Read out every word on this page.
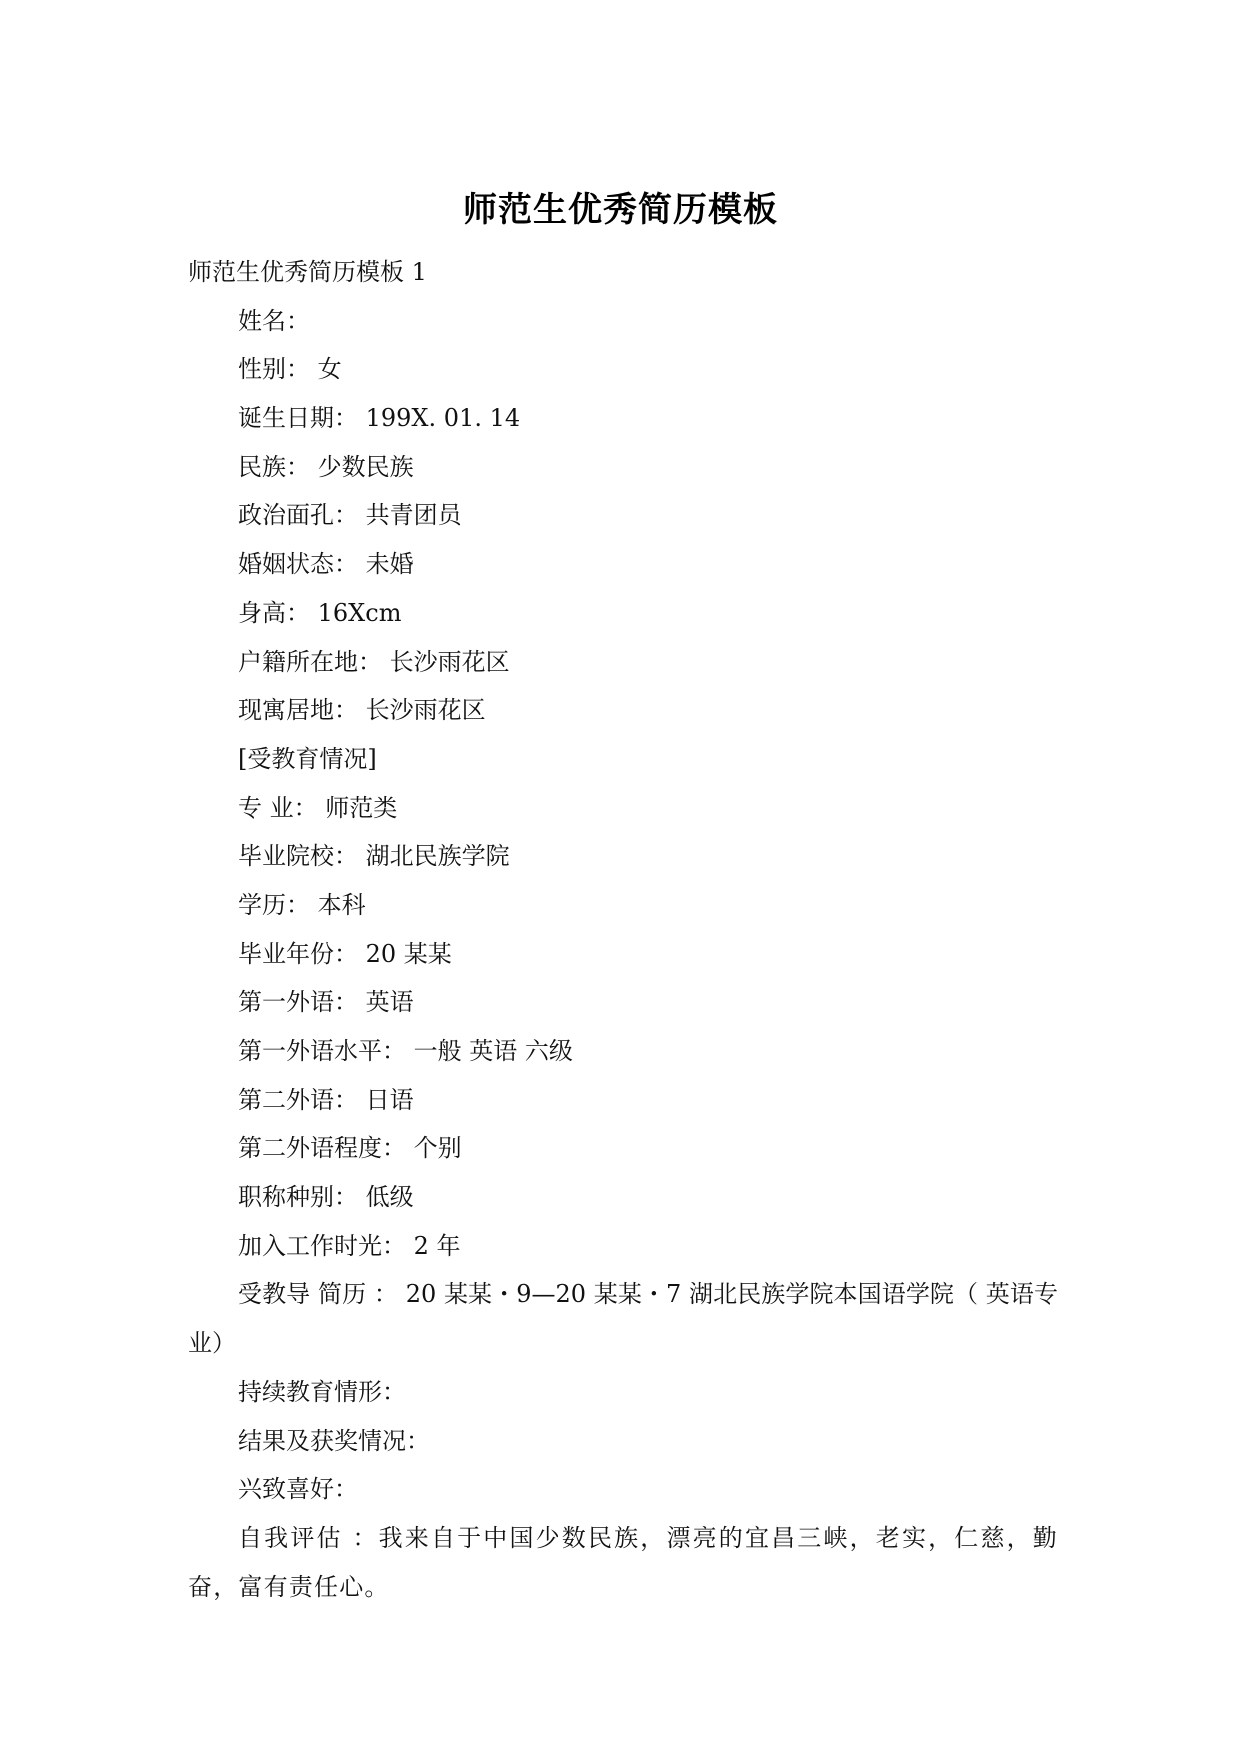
师范生优秀简历模板
师范生优秀简历模板 1
姓名：
性别： 女
诞生日期： 199X. 01. 14
民族： 少数民族
政治面孔： 共青团员
婚姻状态： 未婚
身高： 16Xcm
户籍所在地： 长沙雨花区
现寓居地： 长沙雨花区
[受教育情况]
专 业： 师范类
毕业院校： 湖北民族学院
学历： 本科
毕业年份： 20 某某
第一外语： 英语
第一外语水平： 一般 英语 六级
第二外语： 日语
第二外语程度： 个别
职称种别： 低级
加入工作时光： 2 年
受教导 简历 ： 20 某某・9—20 某某・7 湖北民族学院本国语学院（ 英语专业）
持续教育情形：
结果及获奖情况：
兴致喜好：
自我评估 ：我来自于中国少数民族，漂亮的宜昌三峡，老实，仁慈，勤奋，富有责任心。
